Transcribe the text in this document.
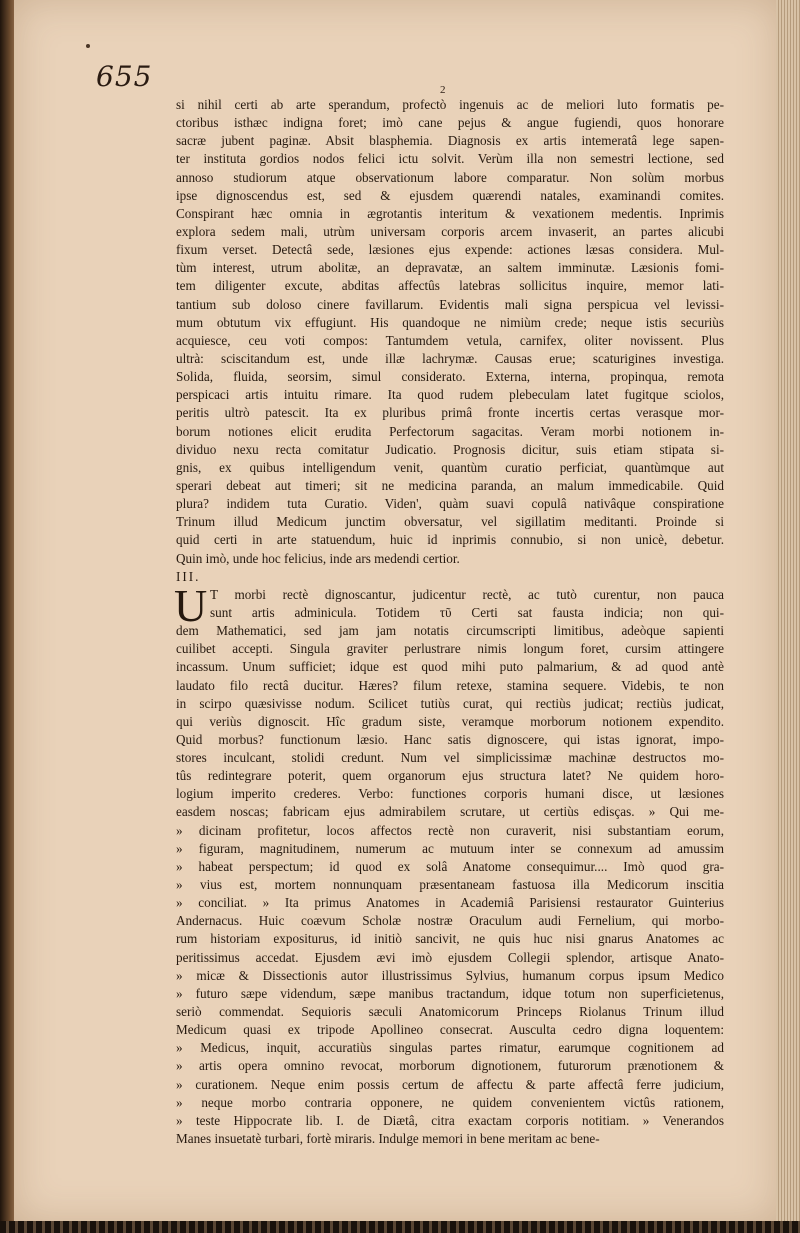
655	2
si nihil certi ab arte sperandum, profectò ingenuis ac de meliori luto formatis pe-
ctoribus isthæc indigna foret; imò cane pejus & angue fugiendi, quos honorare
sacræ jubent paginæ. Absit blasphemia. Diagnosis ex artis intemeratâ lege sapen-
ter instituta gordios nodos felici ictu solvit. Verùm illa non semestri lectione, sed
annoso studiorum atque observationum labore comparatur. Non solùm morbus
ipse dignoscendus est, sed & ejusdem quærendi natales, examinandi comites.
Conspirant hæc omnia in ægrotantis interitum & vexationem medentis. Inprimis
explora sedem mali, utrùm universam corporis arcem invaserit, an partes alicubi
fixum verset. Detectâ sede, læsiones ejus expende: actiones læsas considera. Mul-
tùm interest, utrum abolitæ, an depravatæ, an saltem imminutæ. Læsionis fomi-
tem diligenter excute, abditas affectûs latebras sollicitus inquire, memor lati-
tantium sub doloso cinere favillarum. Evidentis mali signa perspicua vel levissi-
mum obtutum vix effugiunt. His quandoque ne nimiùm crede; neque istis securiùs
acquiesce, ceu voti compos: Tantumdem vetula, carnifex, oliter novissent. Plus
ultrà: sciscitandum est, unde illæ lachrymæ. Causas erue; scaturigines investiga.
Solida, fluida, seorsim, simul considerato. Externa, interna, propinqua, remota
perspicaci artis intuitu rimare. Ita quod rudem plebeculam latet fugitque sciolos,
peritis ultrò patescit. Ita ex pluribus primâ fronte incertis certas verasque mor-
borum notiones elicit erudita Perfectorum sagacitas. Veram morbi notionem in-
dividuo nexu recta comitatur Judicatio. Prognosis dicitur, suis etiam stipata si-
gnis, ex quibus intelligendum venit, quantùm curatio perficiat, quantùmque aut
sperari debeat aut timeri; sit ne medicina paranda, an malum immedicabile. Quid
plura? indidem tuta Curatio. Viden', quàm suavi copulâ nativâque conspiratione
Trinum illud Medicum junctim obversatur, vel sigillatim meditanti. Proinde si
quid certi in arte statuendum, huic id inprimis connubio, si non unicè, debetur.
Quin imò, unde hoc felicius, inde ars medendi certior.
III.
U T morbi rectè dignoscantur, judicentur rectè, ac tutò curentur, non pauca
sunt artis adminicula. Totidem τῦ Certi sat fausta indicia; non qui-
dem Mathematici, sed jam jam notatis circumscripti limitibus, adeòque sapienti
cuilibet accepti. Singula graviter perlustrare nimis longum foret, cursim attingere
incassum. Unum sufficiet; idque est quod mihi puto palmarium, & ad quod antè
laudato filo rectâ ducitur. Hæres? filum retexe, stamina sequere. Videbis, te non
in scirpo quæsivisse nodum. Scilicet tutiùs curat, qui rectiùs judicat; rectiùs judicat,
qui veriùs dignoscit. Hîc gradum siste, veramque morborum notionem expendito.
Quid morbus? functionum læsio. Hanc satis dignoscere, qui istas ignorat, impo-
stores inculcant, stolidi credunt. Num vel simplicissimæ machinæ destructos mo-
tûs redintegrare poterit, quem organorum ejus structura latet? Ne quidem horo-
logium imperito crederes. Verbo: functiones corporis humani disce, ut læsiones
easdem noscas; fabricam ejus admirabilem scrutare, ut certiùs edisças. » Qui me-
» dicinam profitetur, locos affectos rectè non curaverit, nisi substantiam eorum,
» figuram, magnitudinem, numerum ac mutuum inter se connexum ad amussim
» habeat perspectum; id quod ex solâ Anatome consequimur.... Imò quod gra-
» vius est, mortem nonnunquam præsentaneam fastuosa illa Medicorum inscitia
» conciliat. » Ita primus Anatomes in Academiâ Parisiensi restaurator Guinterius
Andernacus. Huic coævum Scholæ nostræ Oraculum audi Fernelium, qui morbo-
rum historiam expositurus, id initiò sancivit, ne quis huc nisi gnarus Anatomes ac
peritissimus accedat. Ejusdem ævi imò ejusdem Collegii splendor, artisque Anato-
» micæ & Dissectionis autor illustrissimus Sylvius, humanum corpus ipsum Medico
» futuro sæpe videndum, sæpe manibus tractandum, idque totum non superficietenus,
seriò commendat. Sequioris sæculi Anatomicorum Princeps Riolanus Trinum illud
Medicum quasi ex tripode Apollineo consecrat. Ausculta cedro digna loquentem:
» Medicus, inquit, accuratiùs singulas partes rimatur, earumque cognitionem ad
» artis opera omnino revocat, morborum dignotionem, futurorum prænotionem &
» curationem. Neque enim possis certum de affectu & parte affectâ ferre judicium,
» neque morbo contraria opponere, ne quidem convenientem victûs rationem,
» teste Hippocrate lib. I. de Diætâ, citra exactam corporis notitiam. » Venerandos
Manes insuetatè turbari, fortè miraris. Indulge memori in bene meritam ac bene-
